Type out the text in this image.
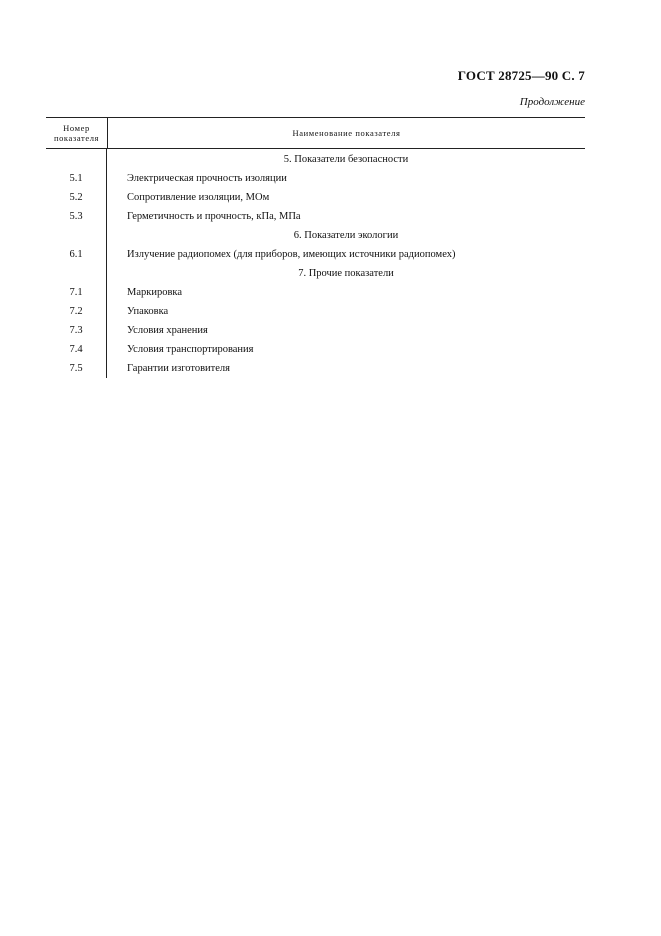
ГОСТ 28725—90 С. 7
Продолжение
Номер
показателя	Наименование показателя
5. Показатели безопасности
5.1	Электрическая прочность изоляции
5.2	Сопротивление изоляции, МОм
5.3	Герметичность и прочность, кПа, МПа
6. Показатели экологии
6.1	Излучение радиопомех (для приборов, имеющих источники радиопомех)
7. Прочие показатели
7.1	Маркировка
7.2	Упаковка
7.3	Условия хранения
7.4	Условия транспортирования
7.5	Гарантии изготовителя
